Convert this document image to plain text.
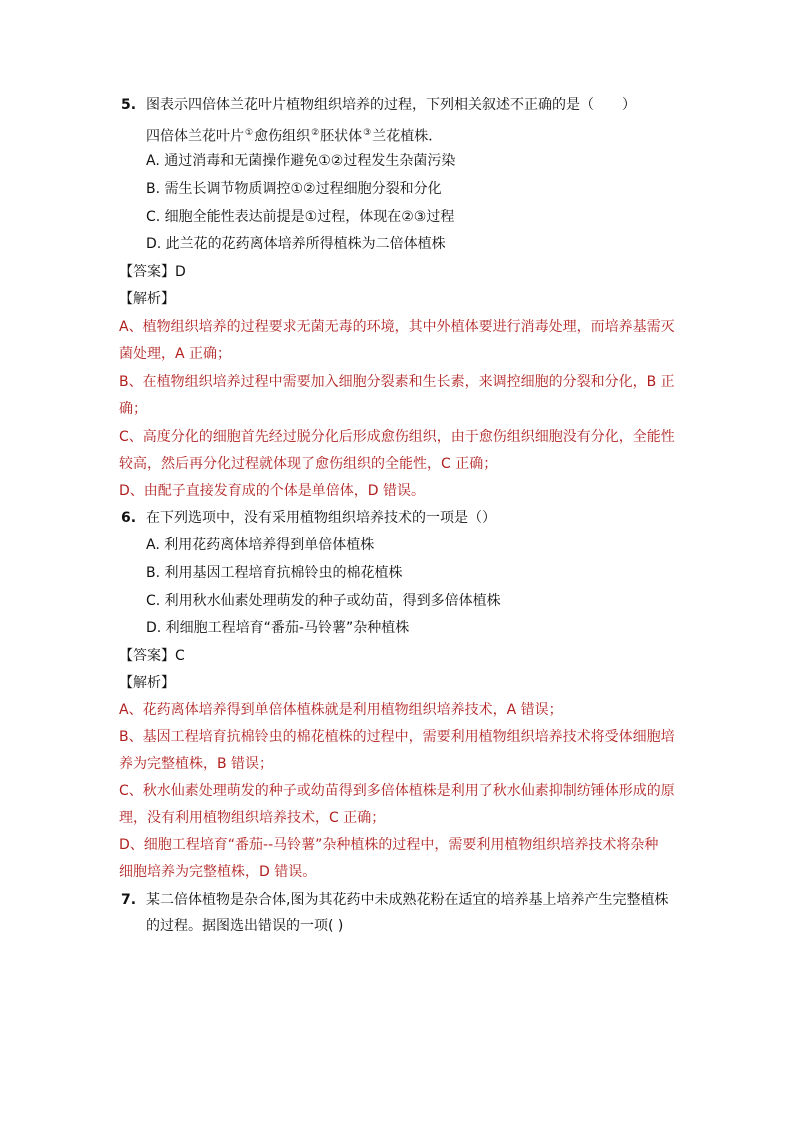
5. 图表示四倍体兰花叶片植物组织培养的过程，下列相关叙述不正确的是（　　）
四倍体兰花叶片①愈伤组织②胚状体③兰花植株．
A. 通过消毒和无菌操作避免①②过程发生杂菌污染
B. 需生长调节物质调控①②过程细胞分裂和分化
C. 细胞全能性表达前提是①过程，体现在②③过程
D. 此兰花的花药离体培养所得植株为二倍体植株
【答案】D
【解析】
A、植物组织培养的过程要求无菌无毒的环境，其中外植体要进行消毒处理，而培养基需灭
菌处理，A 正确；
B、在植物组织培养过程中需要加入细胞分裂素和生长素，来调控细胞的分裂和分化，B 正
确；
C、高度分化的细胞首先经过脱分化后形成愈伤组织，由于愈伤组织细胞没有分化，全能性
较高，然后再分化过程就体现了愈伤组织的全能性，C 正确；
D、由配子直接发育成的个体是单倍体，D 错误。
6. 在下列选项中，没有采用植物组织培养技术的一项是（）
A. 利用花药离体培养得到单倍体植株
B. 利用基因工程培育抗棉铃虫的棉花植株
C. 利用秋水仙素处理萌发的种子或幼苗，得到多倍体植株
D. 利细胞工程培育“番茄-马铃薯”杂种植株
【答案】C
【解析】
A、花药离体培养得到单倍体植株就是利用植物组织培养技术，A 错误；
B、基因工程培育抗棉铃虫的棉花植株的过程中，需要利用植物组织培养技术将受体细胞培
养为完整植株，B 错误；
C、秋水仙素处理萌发的种子或幼苗得到多倍体植株是利用了秋水仙素抑制纺锤体形成的原
理，没有利用植物组织培养技术，C 正确；
D、细胞工程培育“番茄--马铃薯”杂种植株的过程中，需要利用植物组织培养技术将杂种
细胞培养为完整植株，D 错误。
7. 某二倍体植物是杂合体,图为其花药中未成熟花粉在适宜的培养基上培养产生完整植株
的过程。据图选出错误的一项( )
